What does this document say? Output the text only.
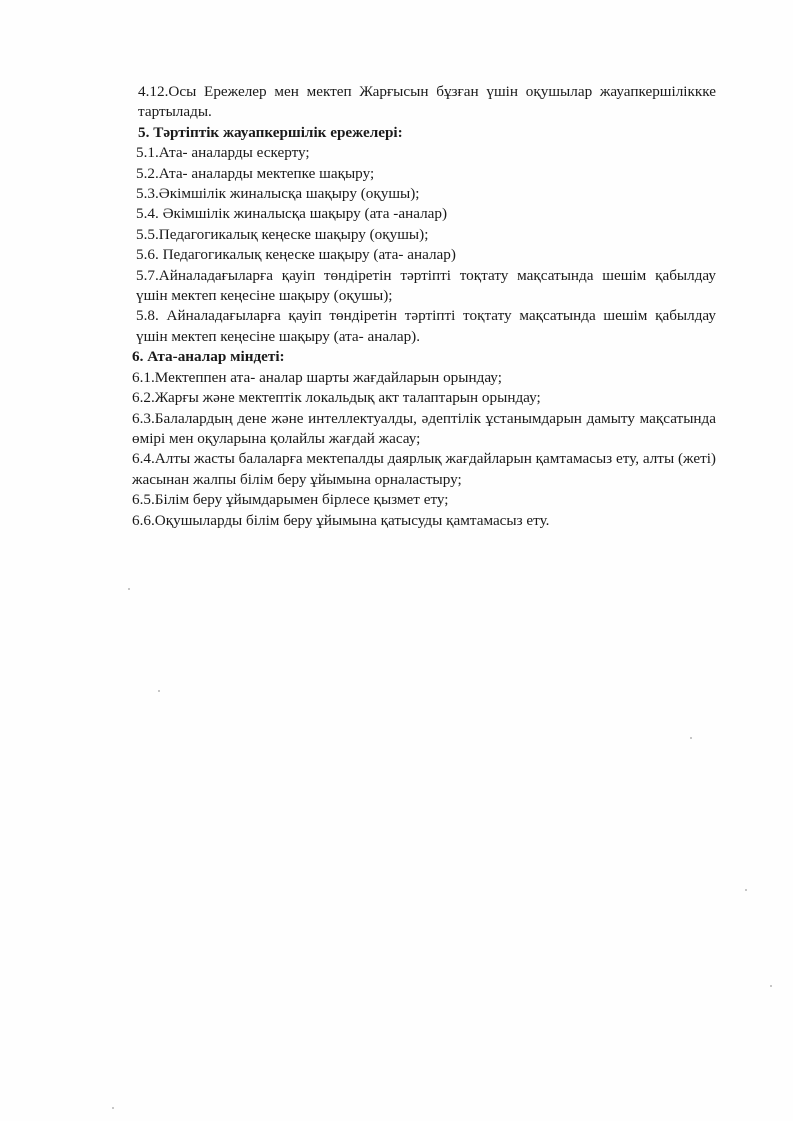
4.12.Осы Ережелер мен мектеп Жарғысын бұзған үшін оқушылар жауапкершіліккке тартылады.

5. Тәртіптік жауапкершілік ережелері:

5.1.Ата- аналарды ескерту;

5.2.Ата- аналарды мектепке шақыру;

5.3.Әкімшілік жиналысқа шақыру (оқушы);

5.4. Әкімшілік жиналысқа шақыру (ата -аналар)

5.5.Педагогикалық кеңеске шақыру (оқушы);

5.6. Педагогикалық кеңеске шақыру (ата- аналар)

5.7.Айналадағыларға қауіп төндіретін тәртіпті тоқтату мақсатында шешім қабылдау үшін мектеп кеңесіне шақыру (оқушы);

5.8. Айналадағыларға қауіп төндіретін тәртіпті тоқтату мақсатында шешім қабылдау үшін мектеп кеңесіне шақыру (ата- аналар).

6. Ата-аналар міндеті:

6.1.Мектеппен ата- аналар шарты жағдайларын орындау;

6.2.Жарғы және мектептік локальдық акт талаптарын орындау;

6.3.Балалардың дене және интеллектуалды, әдептілік ұстанымдарын дамыту мақсатында өмірі мен оқуларына қолайлы жағдай жасау;

6.4.Алты жасты балаларға мектепалды даярлық жағдайларын қамтамасыз ету, алты (жеті) жасынан жалпы білім беру ұйымына орналастыру;

6.5.Білім беру ұйымдарымен бірлесе қызмет ету;

6.6.Оқушыларды білім беру ұйымына қатысуды қамтамасыз ету.
